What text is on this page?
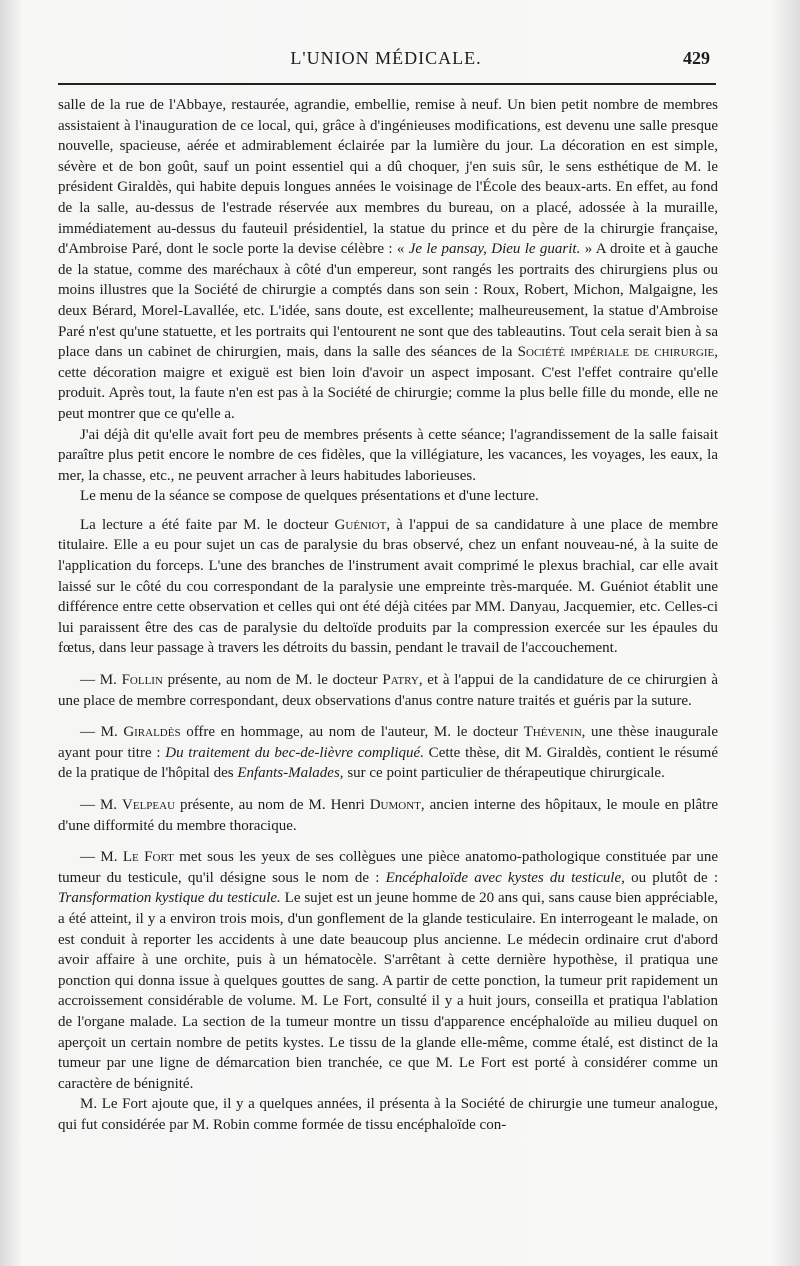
L'UNION MÉDICALE.	429

salle de la rue de l'Abbaye, restaurée, agrandie, embellie, remise à neuf. Un bien petit nombre de membres assistaient à l'inauguration de ce local, qui, grâce à d'ingénieuses modifications, est devenu une salle presque nouvelle, spacieuse, aérée et admirablement éclairée par la lumière du jour. La décoration en est simple, sévère et de bon goût, sauf un point essentiel qui a dû choquer, j'en suis sûr, le sens esthétique de M. le président Giraldès, qui habite depuis longues années le voisinage de l'École des beaux-arts. En effet, au fond de la salle, au-dessus de l'estrade réservée aux membres du bureau, on a placé, adossée à la muraille, immédiatement au-dessus du fauteuil présidentiel, la statue du prince et du père de la chirurgie française, d'Ambroise Paré, dont le socle porte la devise célèbre : « Je le pansay, Dieu le guarit. » A droite et à gauche de la statue, comme des maréchaux à côté d'un empereur, sont rangés les portraits des chirurgiens plus ou moins illustres que la Société de chirurgie a comptés dans son sein : Roux, Robert, Michon, Malgaigne, les deux Bérard, Morel-Lavallée, etc. L'idée, sans doute, est excellente; malheureusement, la statue d'Ambroise Paré n'est qu'une statuette, et les portraits qui l'entourent ne sont que des tableautins. Tout cela serait bien à sa place dans un cabinet de chirurgien, mais, dans la salle des séances de la Société impériale de chirurgie, cette décoration maigre et exiguë est bien loin d'avoir un aspect imposant. C'est l'effet contraire qu'elle produit. Après tout, la faute n'en est pas à la Société de chirurgie; comme la plus belle fille du monde, elle ne peut montrer que ce qu'elle a.

J'ai déjà dit qu'elle avait fort peu de membres présents à cette séance; l'agrandissement de la salle faisait paraître plus petit encore le nombre de ces fidèles, que la villégiature, les vacances, les voyages, les eaux, la mer, la chasse, etc., ne peuvent arracher à leurs habitudes laborieuses.

Le menu de la séance se compose de quelques présentations et d'une lecture.

La lecture a été faite par M. le docteur Guéniot, à l'appui de sa candidature à une place de membre titulaire. Elle a eu pour sujet un cas de paralysie du bras observé, chez un enfant nouveau-né, à la suite de l'application du forceps. L'une des branches de l'instrument avait comprimé le plexus brachial, car elle avait laissé sur le côté du cou correspondant de la paralysie une empreinte très-marquée. M. Guéniot établit une différence entre cette observation et celles qui ont été déjà citées par MM. Danyau, Jacquemier, etc. Celles-ci lui paraissent être des cas de paralysie du deltoïde produits par la compression exercée sur les épaules du fœtus, dans leur passage à travers les détroits du bassin, pendant le travail de l'accouchement.

— M. Follin présente, au nom de M. le docteur Patry, et à l'appui de la candidature de ce chirurgien à une place de membre correspondant, deux observations d'anus contre nature traités et guéris par la suture.

— M. Giraldès offre en hommage, au nom de l'auteur, M. le docteur Thévenin, une thèse inaugurale ayant pour titre : Du traitement du bec-de-lièvre compliqué. Cette thèse, dit M. Giraldès, contient le résumé de la pratique de l'hôpital des Enfants-Malades, sur ce point particulier de thérapeutique chirurgicale.

— M. Velpeau présente, au nom de M. Henri Dumont, ancien interne des hôpitaux, le moule en plâtre d'une difformité du membre thoracique.

— M. Le Fort met sous les yeux de ses collègues une pièce anatomo-pathologique constituée par une tumeur du testicule, qu'il désigne sous le nom de : Encéphaloïde avec kystes du testicule, ou plutôt de : Transformation kystique du testicule. Le sujet est un jeune homme de 20 ans qui, sans cause bien appréciable, a été atteint, il y a environ trois mois, d'un gonflement de la glande testiculaire. En interrogeant le malade, on est conduit à reporter les accidents à une date beaucoup plus ancienne. Le médecin ordinaire crut d'abord avoir affaire à une orchite, puis à un hématocèle. S'arrêtant à cette dernière hypothèse, il pratiqua une ponction qui donna issue à quelques gouttes de sang. A partir de cette ponction, la tumeur prit rapidement un accroissement considérable de volume. M. Le Fort, consulté il y a huit jours, conseilla et pratiqua l'ablation de l'organe malade. La section de la tumeur montre un tissu d'apparence encéphaloïde au milieu duquel on aperçoit un certain nombre de petits kystes. Le tissu de la glande elle-même, comme étalé, est distinct de la tumeur par une ligne de démarcation bien tranchée, ce que M. Le Fort est porté à considérer comme un caractère de bénignité.

M. Le Fort ajoute que, il y a quelques années, il présenta à la Société de chirurgie une tumeur analogue, qui fut considérée par M. Robin comme formée de tissu encéphaloïde con-
